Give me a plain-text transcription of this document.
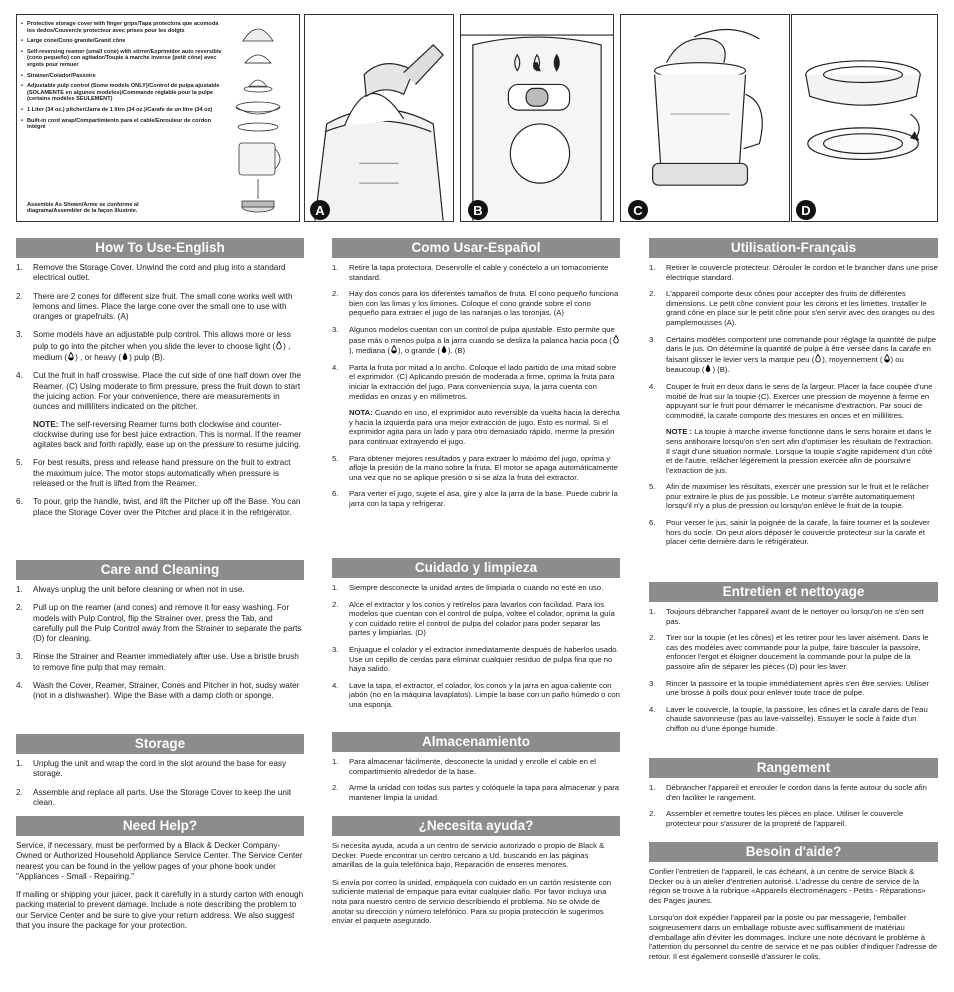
• Protective storage cover with finger grips/Tapa protectora que acomoda los dedos/Couvercle protecteur avec prises pour les doigts
• Large cone/Cono grande/Grand cône
• Self-reversing reamer (small cone) with stirrer/Exprimidor auto reversible (cono pequeño) con agitador/Toupie à marche inverse (petit cône) avec ergots pour remuer
• Strainer/Colador/Passoire
• Adjustable pulp control (Some models ONLY)/Control de pulpa ajustable (SOLAMENTE en algunos modelos)/Commande réglable pour la pulpe (certains modèles SEULEMENT)
• 1 Liter (34 oz.) pitcher/Jarra de 1 litro (34 oz.)/Carafe de un litre (34 oz)
• Built-in cord wrap/Compartimiento para el cable/Enrouleur de cordon intégré
Assemble As Shown/Arme se conforme al diagrama/Assembler de la façon illustrée.	A	B	C	D
How To Use-English
1. Remove the Storage Cover. Unwind the cord and plug into a standard electrical outlet.
2. There are 2 cones for different size fruit. The small cone works well with lemons and limes. Place the large cone over the small one to use with oranges or grapefruits. (A)
3. Some models have an adjustable pulp control. This allows more or less pulp to go into the pitcher when you slide the lever to choose light ( ) , medium ( ) , or heavy ( ) pulp (B).
4. Cut the fruit in half crosswise. Place the cut side of one half down over the Reamer. (C) Using moderate to firm pressure, press the fruit down to start the juicing action. For your convenience, there are measurements in ounces and milliliters indicated on the pitcher.
NOTE: The self-reversing Reamer turns both clockwise and counter-clockwise during use for best juice extraction. This is normal. If the reamer agitates back and forth rapidly, ease up on the pressure to resume juicing.
5. For best results, press and release hand pressure on the fruit to extract the maximum juice. The motor stops automatically when pressure is released or the fruit is lifted from the Reamer.
6. To pour, grip the handle, twist, and lift the Pitcher up off the Base. You can place the Storage Cover over the Pitcher and place it in the refrigerator.
Care and Cleaning
1. Always unplug the unit before cleaning or when not in use.
2. Pull up on the reamer (and cones) and remove it for easy washing. For models with Pulp Control, flip the Strainer over, press the Tab, and carefully pull the Pulp Control away from the Strainer to separate the parts (D) for cleaning.
3. Rinse the Strainer and Reamer immediately after use. Use a bristle brush to remove fine pulp that may remain.
4. Wash the Cover, Reamer, Strainer, Cones and Pitcher in hot, sudsy water (not in a dishwasher). Wipe the Base with a damp cloth or sponge.
Storage
1. Unplug the unit and wrap the cord in the slot around the base for easy storage.
2. Assemble and replace all parts. Use the Storage Cover to keep the unit clean.
Need Help?

Service, if necessary, must be performed by a Black & Decker Company-Owned or Authorized Household Appliance Service Center. The Service Center nearest you can be found in the yellow pages of your phone book under "Appliances - Small - Repairing."

If mailing or shipping your juicer, pack it carefully in a sturdy carton with enough packing material to prevent damage. Include a note describing the problem to our Service Center and be sure to give your return address. We also suggest that you insure the package for your protection.

Como Usar-Español
1. Retire la tapa protectora. Desenrolle el cable y conéctelo a un tomacorriente standard.
2. Hay dos conos para los diferentes tamaños de fruta. El cono pequeño funciona bien con las limas y los limones. Coloque el cono grande sobre el cono pequeño para extraer el jugo de las naranjas o las toronjas. (A)
3. Algunos modelos cuentan con un control de pulpa ajustable. Esto permite que pase más o menos pulpa a la jarra cuando se desliza la palanca hacia poca (
), mediana ( ), o grande ( ). (B)
4. Parta la fruta por mitad a lo ancho. Coloque el lado partido de una mitad sobre el exprimidor. (C) Aplicando presión de moderada a firme, oprima la fruta para iniciar la extracción del jugo. Para conveniencia suya, la jarra cuenta con medidas en onzas y en milímetros.
NOTA: Cuando en uso, el exprimidor auto reversible da vuelta hacia la derecha y hacia la izquierda para una mejor extracción de jugo. Esto es normal. Si el exprimidor agita para un lado y para otro demasiado rápido, merme la presión para continuar extrayendo el jugo.
5. Para obtener mejores resultados y para extraer lo máximo del jugo, oprima y afloje la presión de la mano sobre la fruta. El motor se apaga automáticamente una vez que no se aplique presión o si se alza la fruta del extractor.
6. Para verter el jugo, sujete el asa, gire y alce la jarra de la base. Puede cubrir la jarra con la tapa y refrigerar.
Cuidado y limpieza
1. Siempre desconecte la unidad antes de limpiarla o cuando no esté en uso.
2. Alce el extractor y los conos y retírelos para lavarlos con facilidad. Para los modelos que cuentan con el control de pulpa, voltee el colador, oprima la guía y con cuidado retire el control de pulpa del colador para poder separar las partes y limpiarlas. (D)
3. Enjuague el colador y el extractor inmediatamente después de haberlos usado. Use un cepillo de cerdas para eliminar cualquier residuo de pulpa fina que no haya salido.
4. Lave la tapa, el extractor, el colador, los conos y la jarra en agua caliente con jabón (no en la máquina lavaplatos). Limpie la base con un paño húmedo o con una esponja.
Almacenamiento
1. Para almacenar fácilmente, desconecte la unidad y enrolle el cable en el compartimiento alrededor de la base.
2. Arme la unidad con todas sus partes y colóquele la tapa para almacenar y para mantener limpia la unidad.
¿Necesita ayuda?

Si necesita ayuda, acuda a un centro de servicio autorizado o propio de Black & Decker. Puede encontrar un centro cercano a Ud. buscando en las páginas amarillas de la guía telefónica bajo, Reparación de enseres menores.

Si envía por correo la unidad, empáquela con cuidado en un cartón resistente con suficiente material de empaque para evitar cualquier daño. Por favor incluya una nota para nuestro centro de servicio describiendo el problema. No se olvide de anotar su dirección y número telefónico. Para su propia protección le sugerimos enviar el paquete asegurado.

Utilisation-Français
1. Retirer le couvercle protecteur. Dérouler le cordon et le brancher dans une prise électrique standard.
2. L'appareil comporte deux cônes pour accepter des fruits de différentes dimensions. Le petit cône convient pour les citrons et les limettes. Installer le grand cône en place sur le petit cône pour s'en servir avec des oranges ou des pamplemousses (A).
3. Certains modèles comportent une commande pour réglage la quantité de pulpe dans le jus. On détermine la quantité de pulpe à être versée dans la carafe en faisant glisser le levier vers la marque peu ( ), moyennement ( ) ou beaucoup ( ) (B).
4. Couper le fruit en deux dans le sens de la largeur. Placer la face coupée d'une moitié de fruit sur la toupie (C). Exercer une pression de moyenne à ferme en appuyant sur le fruit pour démarrer le mécanisme d'extraction. Par souci de commodité, la carafe comporte des mesures en onces et en millilitres.
NOTE : La toupie à marche inverse fonctionne dans le sens horaire et dans le sens antihoraire lorsqu'on s'en sert afin d'optimiser les résultats de l'extraction. Il s'agit d'une situation normale. Lorsque la toupie s'agite rapidement d'un côté et de l'autre, relâcher légèrement la pression exercée afin de poursuivre l'extraction de jus.
5. Afin de maximiser les résultats, exercer une pression sur le fruit et le relâcher pour extraire le plus de jus possible. Le moteur s'arrête automatiquement lorsqu'il n'y a plus de pression ou lorsqu'on enlève le fruit de la toupie.
6. Pour verser le jus, saisir la poignée de la carafe, la faire tourner et la soulever hors du socle. On peut alors déposer le couvercle protecteur sur la carafe et placer cette dernière dans le réfrigérateur.
Entretien et nettoyage
1. Toujours débrancher l'appareil avant de le nettoyer ou lorsqu'on ne s'en sert pas.
2. Tirer sur la toupie (et les cônes) et les retirer pour les laver aisément. Dans le cas des modèles avec commande pour la pulpe, faire basculer la passoire, enfoncer l'ergot et éloigner doucement la commande pour la pulpe de la passoire afin de séparer les pièces (D) pour les laver.
3. Rincer la passoire et la toupie immédiatement après s'en être servies. Utiliser une brosse à poils doux pour enlever toute trace de pulpe.
4. Laver le couvercle, la toupie, la passoire, les cônes et la carafe dans de l'eau chaude savonneuse (pas au lave-vaisselle). Essuyer le socle à l'aide d'un chiffon ou d'une éponge humide.
Rangement
1. Débrancher l'appareil et enrouler le cordon dans la fente autour du socle afin d'en faciliter le rangement.
2. Assembler et remettre toutes les pièces en place. Utiliser le couvercle protecteur pour s'assurer de la propreté de l'appareil.
Besoin d'aide?

Confier l'entretien de l'appareil, le cas échéant, à un centre de service Black & Decker ou à un atelier d'entretien autorisé. L'adresse du centre de service de la région se trouve à la rubrique «Appareils électroménagers - Petits - Réparations» des Pages jaunes.

Lorsqu'on doit expédier l'appareil par la poste ou par messagerie, l'emballer soigneusement dans un emballage robuste avec suffisamment de matériau d'emballage afin d'éviter les dommages. Inclure une note décrivant le problème à l'attention du personnel du centre de service et ne pas oublier d'indiquer l'adresse de retour. Il est également conseillé d'assurer le colis.
